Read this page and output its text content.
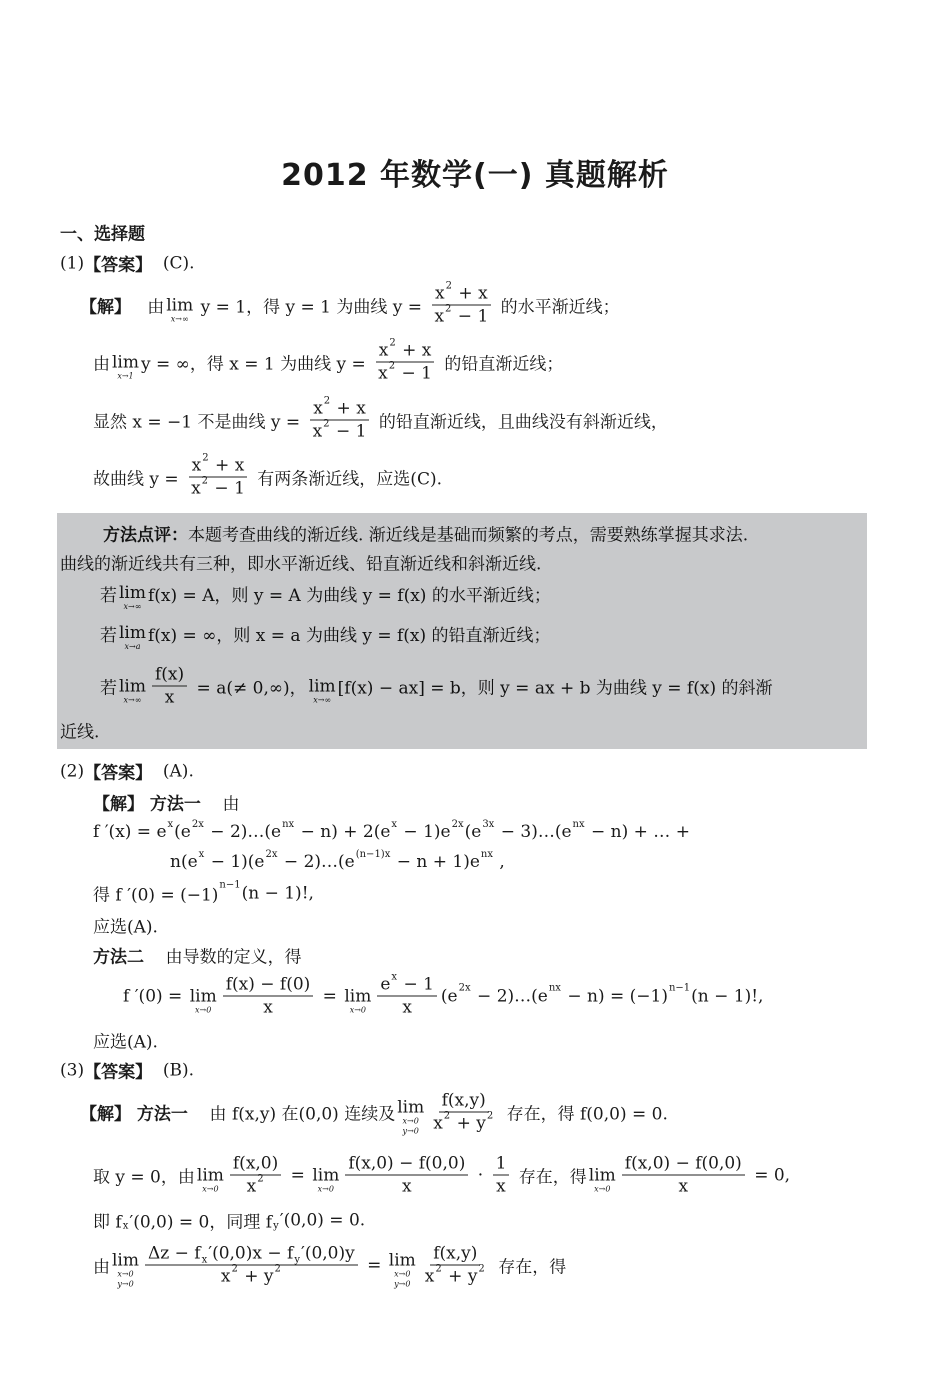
2012 年数学(一) 真题解析
一、选择题
(1) 【答案】 (C).
【解】 由 lim
x→∞
y = 1，得 y = 1 为曲线 $y = \frac{x 2 + x}{x 2 - 1}$ 的水平渐近线；
由 lim
x→1
y = ∞，得 x = 1 为曲线 $y = \frac{x 2 + x}{x 2 - 1}$ 的铅直渐近线；
显然 x = −1 不是曲线 $y = \frac{x 2 + x}{x 2 - 1}$ 的铅直渐近线，且曲线没有斜渐近线，
故曲线 $y = \frac{x 2 + x}{x 2 - 1}$ 有两条渐近线，应选(C).
方法点评： 本题考查曲线的渐近线. 渐近线是基础而频繁的考点，需要熟练掌握其求法.
曲线的渐近线共有三种，即水平渐近线、铅直渐近线和斜渐近线.
若 lim
x→∞
f(x) = A，则 y = A 为曲线 y = f(x) 的水平渐近线；
若 lim
x→a
f(x) = ∞，则 x = a 为曲线 y = f(x) 的铅直渐近线；
若 lim
$x\to\infty \frac{f(x)}{x} = a(\ne 0,\infty)$， lim
x→∞
[f(x) − ax] = b，则 y = ax + b 为曲线 y = f(x) 的斜渐
近线.
(2) 【答案】 (A).
【解】 方法一 由
f ′(x) = e x (e 2x − 2)…(e nx − n) + 2(e x − 1)e 2x (e 3x − 3)…(e nx − n) + … +
n(e x − 1)(e 2x − 2)…(e (n−1)x − n + 1)e nx ,
得 f ′(0) = (−1)
n−1 (n − 1)!,
应选(A).
方法二 由导数的定义，得
f ′(0) = lim
$x\to 0 \frac{f(x) - f(0)}{x} = \lim$
$x\to 0 \frac{\text{e x − 1}}{x} (e$ 2x − 2)…(e nx − n) = (−1) n−1 (n − 1)!,
应选(A).
(3) 【答案】 (B).
【解】 方法一 由 f(x,y) 在(0,0) 连续及 lim
x→0
$y\to 0 \frac{f(x,y)}{x 2 + y 2}$ 存在，得 f(0,0) = 0.
取 y = 0，由 lim
$x\to 0 \frac{f(x,0)}{x 2} = \lim$
$x\to 0 \frac{f(x,0) - f(0,0)}{x} \cdot \frac{1}{x}$ 存在，得 lim
$x\to 0 \frac{f(x,0) - f(0,0)}{x} = 0$,
即 f x ′(0,0) = 0，同理 f y ′(0,0) = 0.
由 lim
x→0
$y\to 0 \frac{\text{Δz − f x ′(0,0)x − f y ′(0,0)y}}{x 2 + y 2} = \lim$
x→0
$y\to 0 \frac{f(x,y)}{x 2 + y 2}$ 存在，得
